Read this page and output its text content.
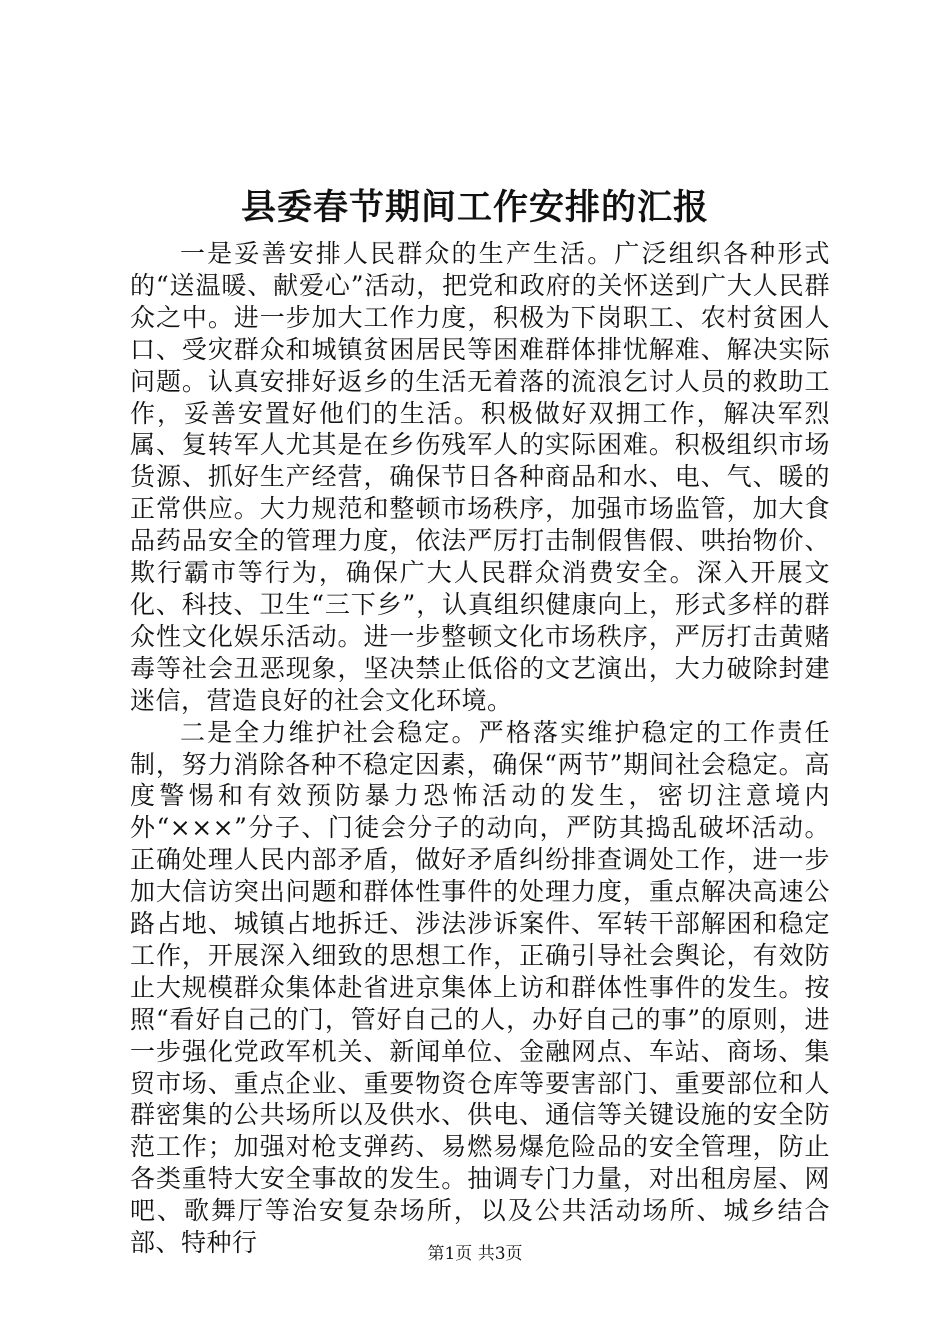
县委春节期间工作安排的汇报

一是妥善安排人民群众的生产生活。广泛组织各种形式的“送温暖、献爱心”活动，把党和政府的关怀送到广大人民群众之中。进一步加大工作力度，积极为下岗职工、农村贫困人口、受灾群众和城镇贫困居民等困难群体排忧解难、解决实际问题。认真安排好返乡的生活无着落的流浪乞讨人员的救助工作，妥善安置好他们的生活。积极做好双拥工作，解决军烈属、复转军人尤其是在乡伤残军人的实际困难。积极组织市场货源、抓好生产经营，确保节日各种商品和水、电、气、暖的正常供应。大力规范和整顿市场秩序，加强市场监管，加大食品药品安全的管理力度，依法严厉打击制假售假、哄抬物价、欺行霸市等行为，确保广大人民群众消费安全。深入开展文化、科技、卫生“三下乡”，认真组织健康向上，形式多样的群众性文化娱乐活动。进一步整顿文化市场秩序，严厉打击黄赌毒等社会丑恶现象，坚决禁止低俗的文艺演出，大力破除封建迷信，营造良好的社会文化环境。

二是全力维护社会稳定。严格落实维护稳定的工作责任制，努力消除各种不稳定因素，确保“两节”期间社会稳定。高度警惕和有效预防暴力恐怖活动的发生，密切注意境内外“×××”分子、门徒会分子的动向，严防其捣乱破坏活动。正确处理人民内部矛盾，做好矛盾纠纷排查调处工作，进一步加大信访突出问题和群体性事件的处理力度，重点解决高速公路占地、城镇占地拆迁、涉法涉诉案件、军转干部解困和稳定工作，开展深入细致的思想工作，正确引导社会舆论，有效防止大规模群众集体赴省进京集体上访和群体性事件的发生。按照“看好自己的门，管好自己的人，办好自己的事”的原则，进一步强化党政军机关、新闻单位、金融网点、车站、商场、集贸市场、重点企业、重要物资仓库等要害部门、重要部位和人群密集的公共场所以及供水、供电、通信等关键设施的安全防范工作；加强对枪支弹药、易燃易爆危险品的安全管理，防止各类重特大安全事故的发生。抽调专门力量，对出租房屋、网吧、歌舞厅等治安复杂场所，以及公共活动场所、城乡结合部、特种行	第1页 共3页
